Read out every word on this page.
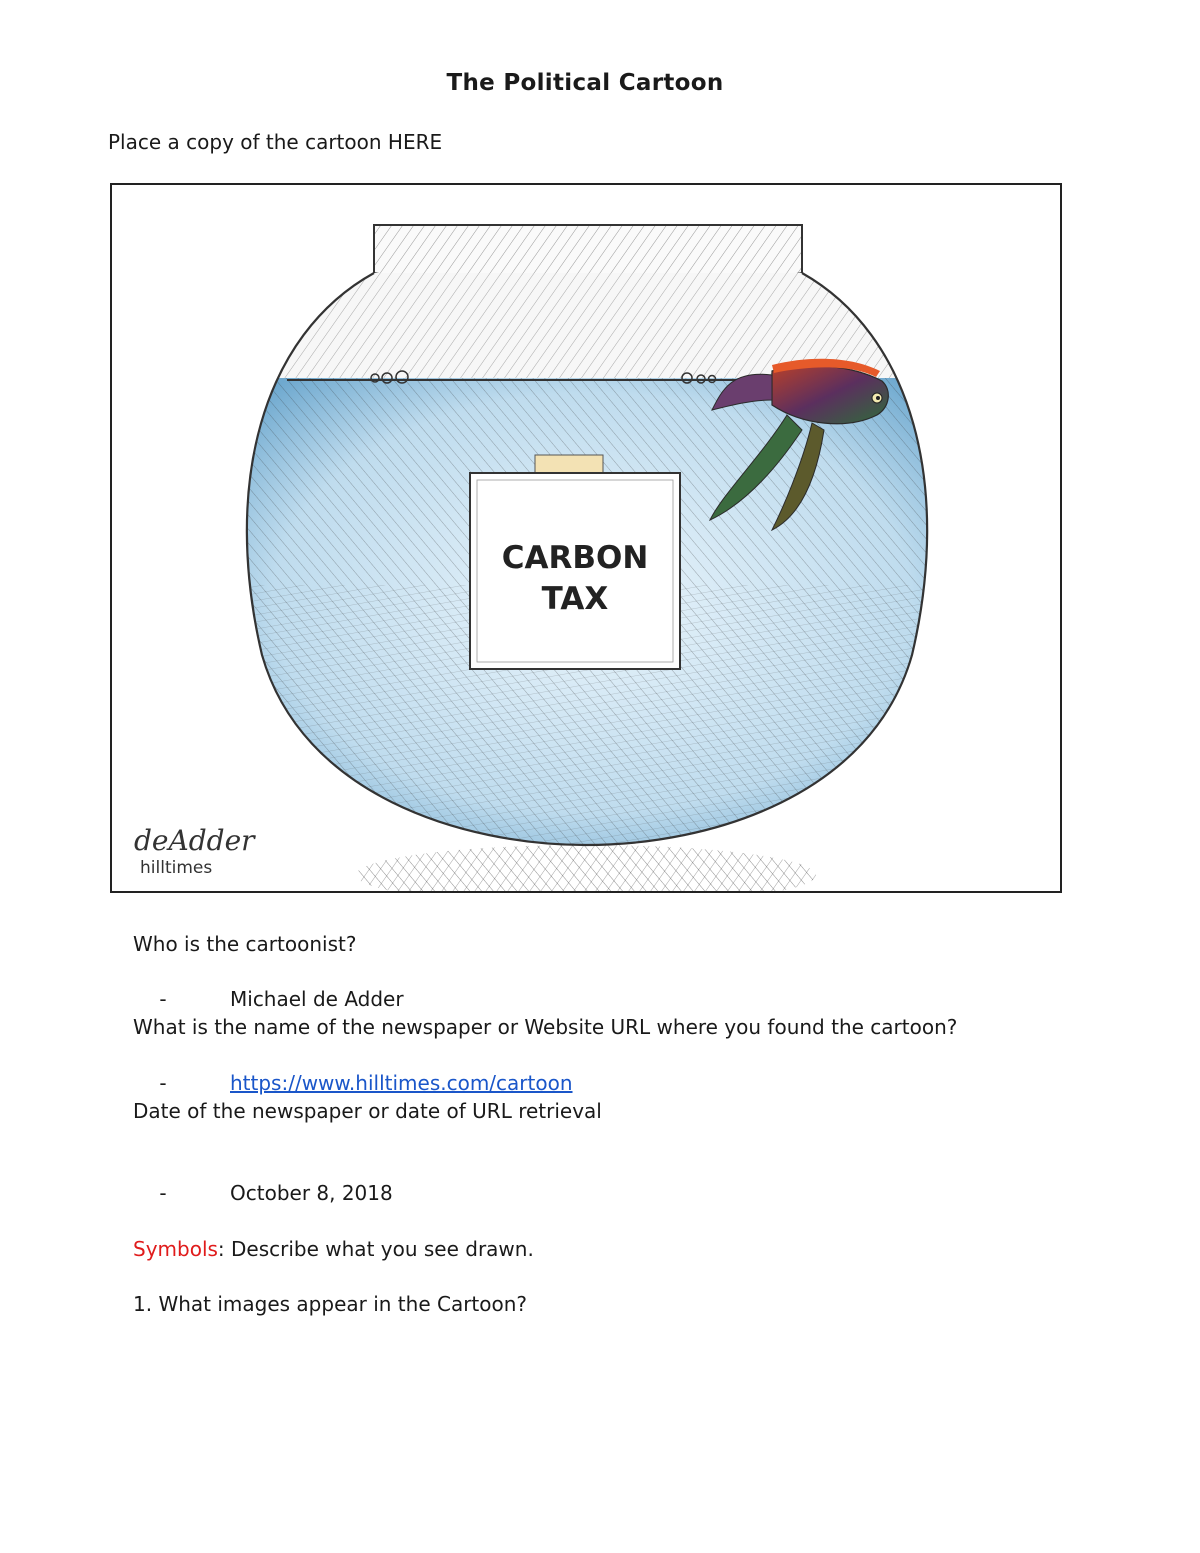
The Political Cartoon
Place a copy of the cartoon HERE
CARBON
TAX
deAdder
hilltimes
Who is the cartoonist?
-	Michael de Adder
What is the name of the newspaper or Website URL where you found the cartoon?
-	https://www.hilltimes.com/cartoon
Date of the newspaper or date of URL retrieval
-	October 8, 2018
Symbols: Describe what you see drawn.
1. What images appear in the Cartoon?
